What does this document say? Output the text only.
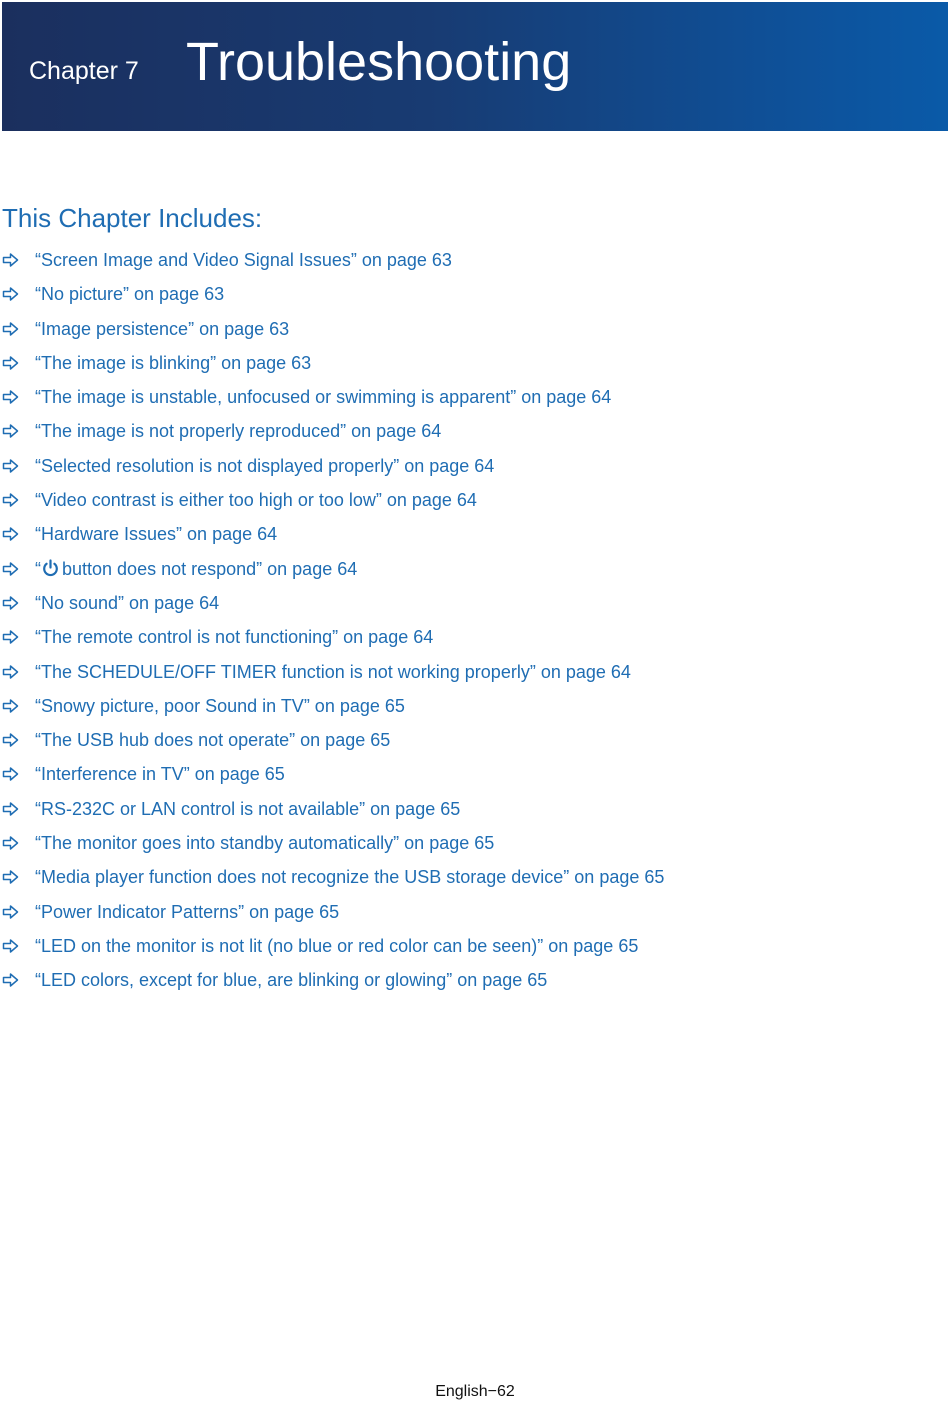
Chapter 7 Troubleshooting
This Chapter Includes:
“Screen Image and Video Signal Issues” on page 63
“No picture” on page 63
“Image persistence” on page 63
“The image is blinking” on page 63
“The image is unstable, unfocused or swimming is apparent” on page 64
“The image is not properly reproduced” on page 64
“Selected resolution is not displayed properly” on page 64
“Video contrast is either too high or too low” on page 64
“Hardware Issues” on page 64
“ button does not respond” on page 64
“No sound” on page 64
“The remote control is not functioning” on page 64
“The SCHEDULE/OFF TIMER function is not working properly” on page 64
“Snowy picture, poor Sound in TV” on page 65
“The USB hub does not operate” on page 65
“Interference in TV” on page 65
“RS-232C or LAN control is not available” on page 65
“The monitor goes into standby automatically” on page 65
“Media player function does not recognize the USB storage device” on page 65
“Power Indicator Patterns” on page 65
“LED on the monitor is not lit (no blue or red color can be seen)” on page 65
“LED colors, except for blue, are blinking or glowing” on page 65
English−62
